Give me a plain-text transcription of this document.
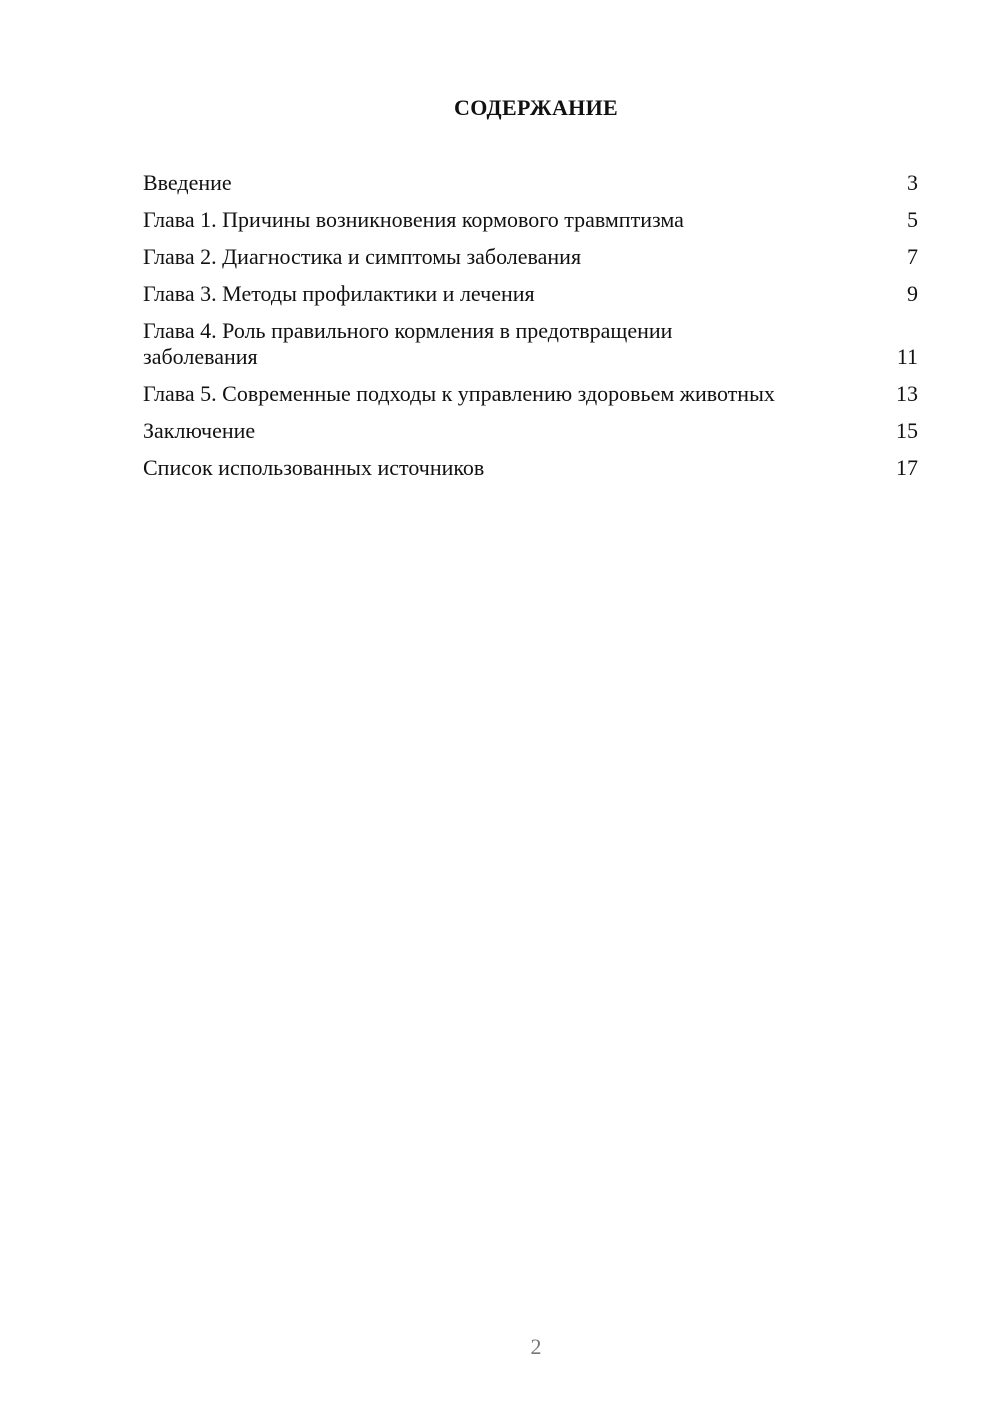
СОДЕРЖАНИЕ
Введение	3
Глава 1. Причины возникновения кормового травмптизма	5
Глава 2. Диагностика и симптомы заболевания	7
Глава 3. Методы профилактики и лечения	9
Глава 4. Роль правильного кормления в предотвращении заболевания	11
Глава 5. Современные подходы к управлению здоровьем животных	13
Заключение	15
Список использованных источников	17
2
